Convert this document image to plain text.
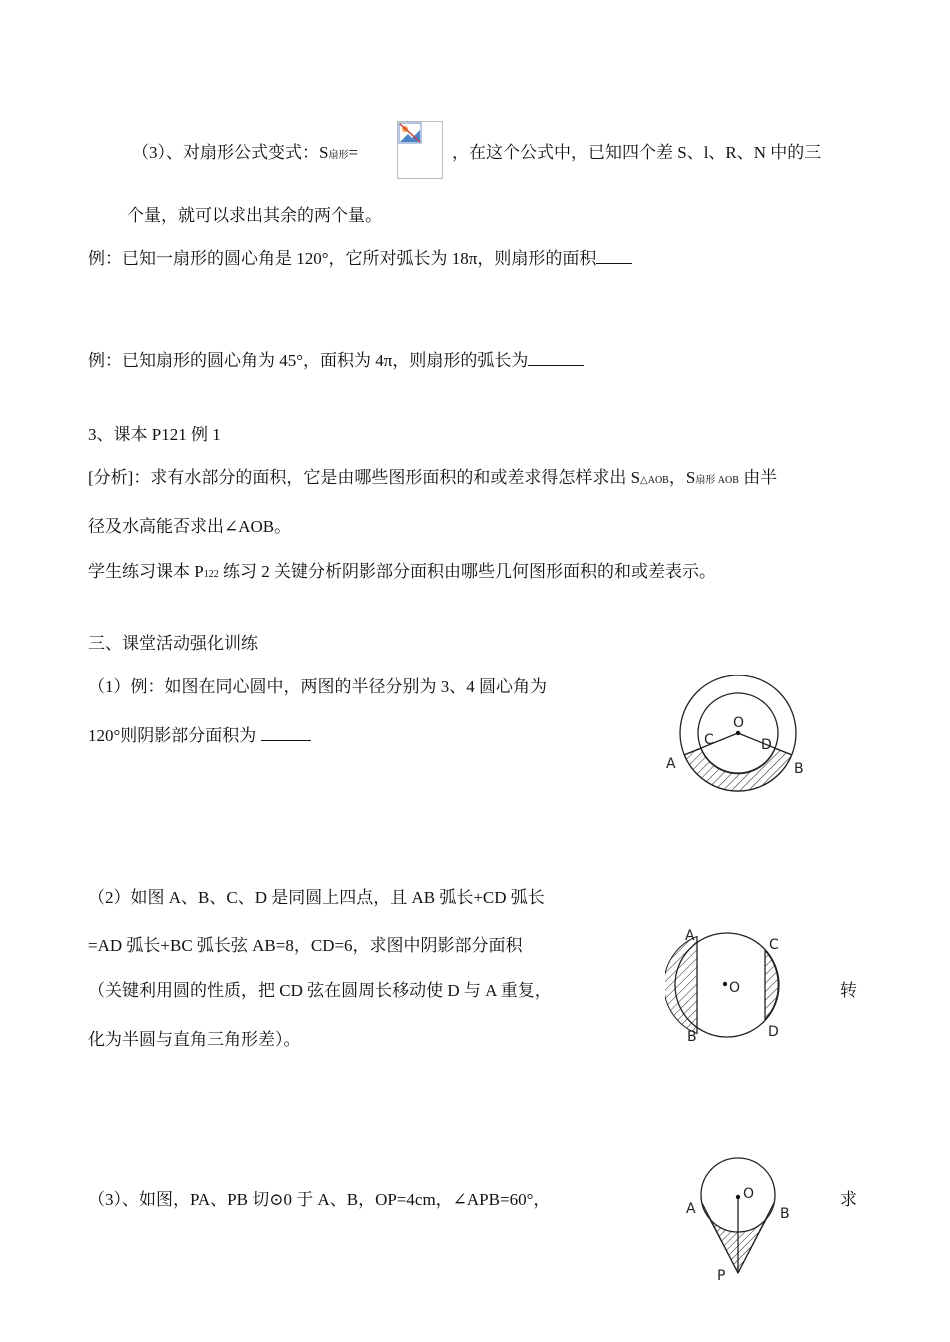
（3）、对扇形公式变式：S扇形=	，在这个公式中，已知四个差 S、l、R、N 中的三
个量，就可以求出其余的两个量。
例：已知一扇形的圆心角是 120°，它所对弧长为 18π，则扇形的面积
例：已知扇形的圆心角为 45°，面积为 4π，则扇形的弧长为
3、课本 P121 例 1
[分析]：求有水部分的面积，它是由哪些图形面积的和或差求得怎样求出 S△AOB，S扇形 AOB 由半
径及水高能否求出∠AOB。
学生练习课本 P122 练习 2 关键分析阴影部分面积由哪些几何图形面积的和或差表示。
三、课堂活动强化训练
（1）例：如图在同心圆中，两图的半径分别为 3、4 圆心角为
120°则阴影部分面积为
（2）如图 A、B、C、D 是同圆上四点，且 AB 弧长+CD 弧长
=AD 弧长+BC 弧长弦 AB=8，CD=6，求图中阴影部分面积
（关键利用圆的性质，把 CD 弦在圆周长移动使 D 与 A 重复，	转
化为半圆与直角三角形差）。
（3）、如图，PA、PB 切⊙0 于 A、B，OP=4cm，∠APB=60°，	求
O
C	D
A	B
A
C
O
B	D
O
A	B
P
